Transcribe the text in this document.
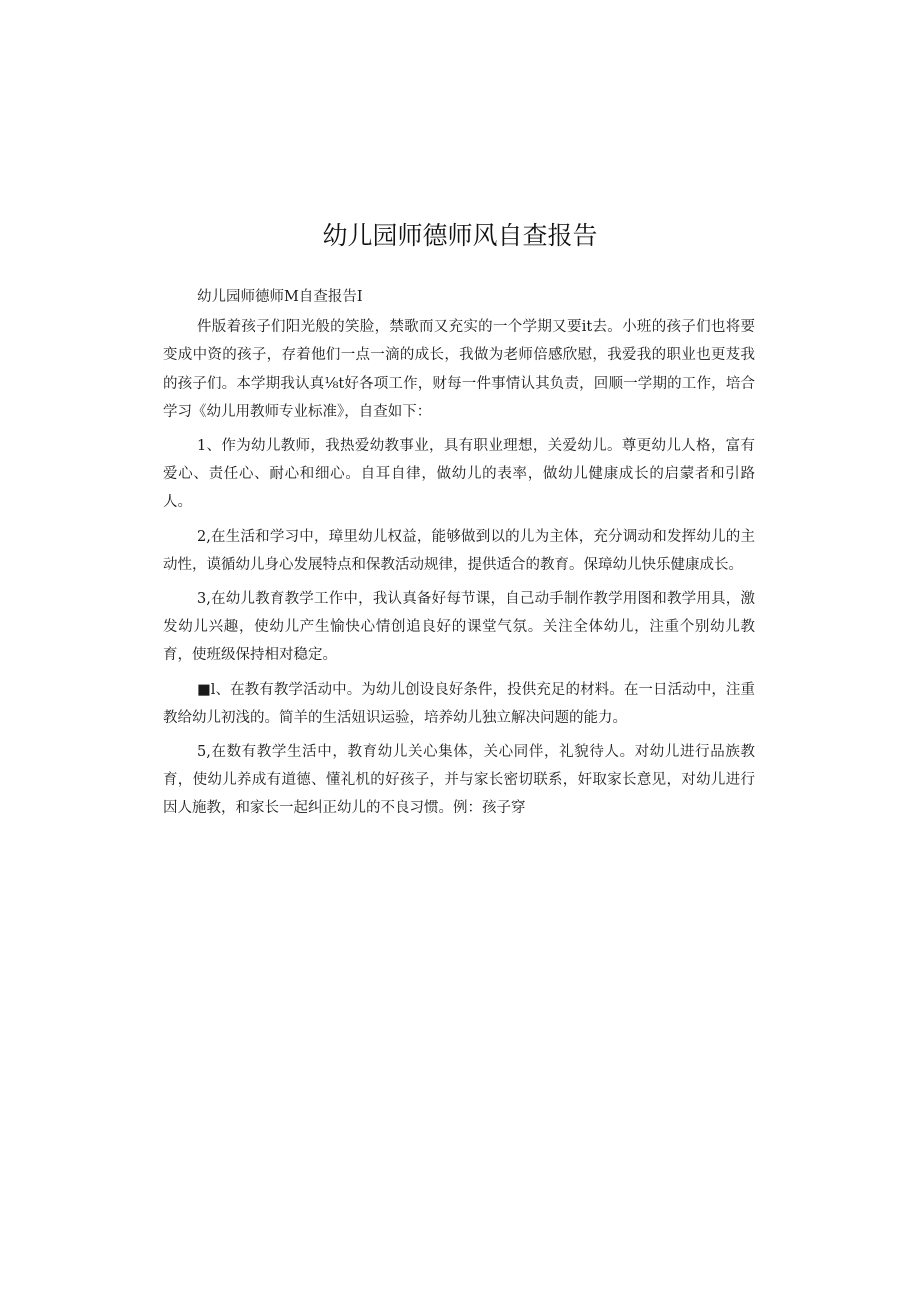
幼儿园师德师风自查报告

幼儿园师德师M自查报告I

件版着孩子们阳光般的笑脸，禁歌而又充实的一个学期又要it去。小班的孩子们也将要变成中资的孩子，存着他们一点一滴的成长，我做为老师倍感欣慰，我爱我的职业也更芨我的孩子们。本学期我认真⅛t好各项工作，财每一件事情认其负责，回顺一学期的工作，培合学习《幼儿用教师专业标准》，自查如下：

1、作为幼儿教师，我热爱幼教事业，具有职业理想，关爱幼儿。尊更幼儿人格，富有爱心、责任心、耐心和细心。自耳自律，做幼儿的表率，做幼儿健康成长的启蒙者和引路人。

2,在生活和学习中，璋里幼儿权益，能够做到以的儿为主体，充分调动和发挥幼儿的主动性，谟循幼儿身心发展特点和保教活动规律，提供适合的教育。保璋幼儿快乐健康成长。

3,在幼儿教育教学工作中，我认真备好每节课，自己动手制作教学用图和教学用具，激发幼儿兴趣，使幼儿产生愉快心情创追良好的课堂气氛。关注全体幼儿，注重个别幼儿教育，使班级保持相对稳定。

■l、在教有教学活动中。为幼儿创设良好条件，投供充足的材料。在一日活动中，注重教给幼儿初浅的。简羊的生活妞识运验，培养幼儿独立解决问题的能力。

5,在数有教学生活中，教育幼儿关心集体，关心同伴，礼貌待人。对幼儿进行品族教育，使幼儿养成有道德、懂礼机的好孩子，并与家长密切联系，奸取家长意见，对幼儿进行因人施教，和家长一起纠正幼儿的不良习惯。例：孩子穿
